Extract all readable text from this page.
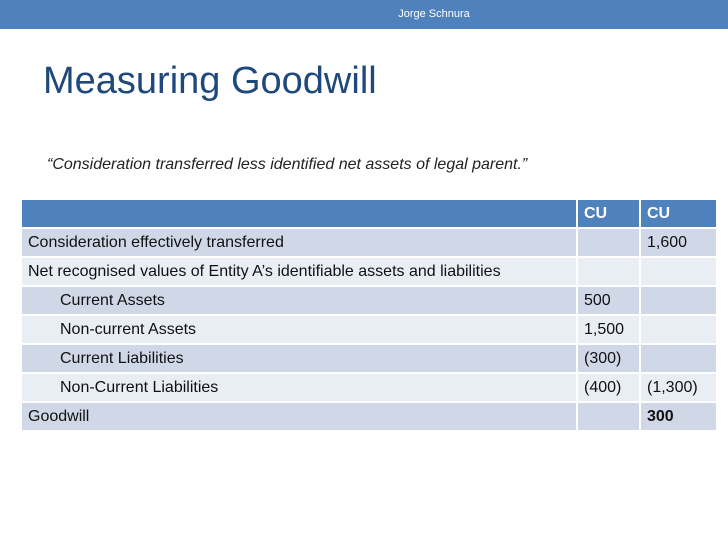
Jorge Schnura
Measuring Goodwill
“Consideration transferred less identified net assets of legal parent.”
	CU	CU
Consideration effectively transferred		1,600
Net recognised values of Entity A’s identifiable assets and liabilities		
Current Assets	500	
Non-current Assets	1,500	
Current Liabilities	(300)	
Non-Current Liabilities	(400)	(1,300)
Goodwill		300
